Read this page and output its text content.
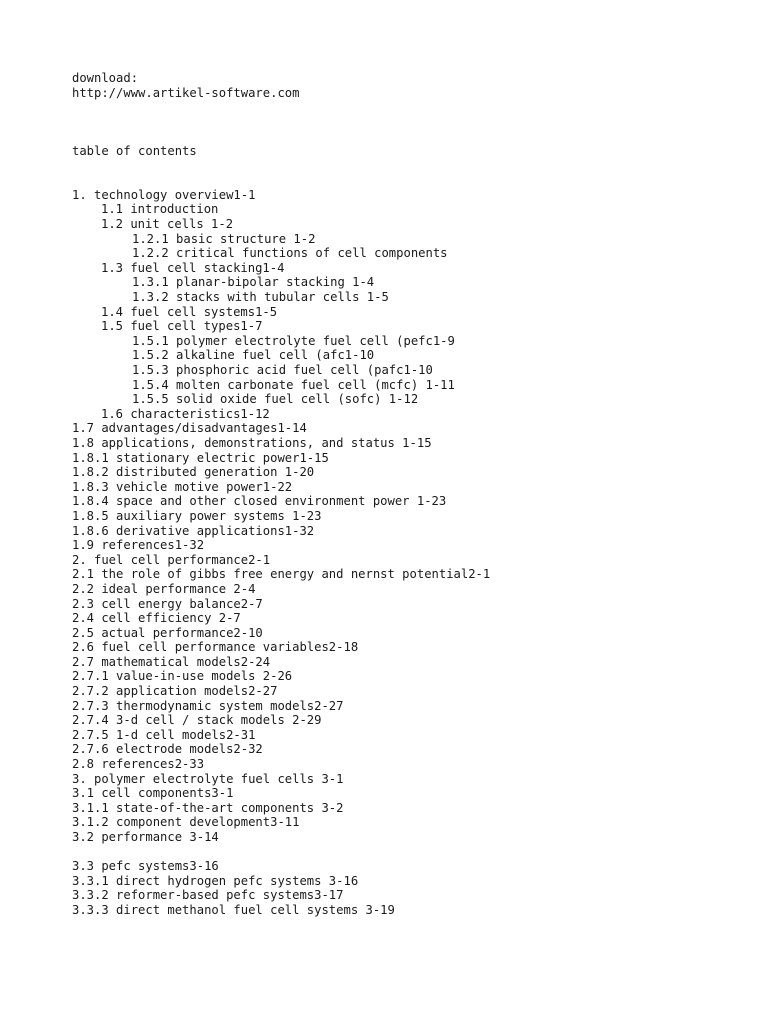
download:
http://www.artikel-software.com
table of contents
1. technology overview1-1
1.1 introduction
1.2 unit cells 1-2
1.2.1 basic structure 1-2
1.2.2 critical functions of cell components
1.3 fuel cell stacking1-4
1.3.1 planar-bipolar stacking 1-4
1.3.2 stacks with tubular cells 1-5
1.4 fuel cell systems1-5
1.5 fuel cell types1-7
1.5.1 polymer electrolyte fuel cell (pefc1-9
1.5.2 alkaline fuel cell (afc1-10
1.5.3 phosphoric acid fuel cell (pafc1-10
1.5.4 molten carbonate fuel cell (mcfc) 1-11
1.5.5 solid oxide fuel cell (sofc) 1-12
1.6 characteristics1-12
1.7 advantages/disadvantages1-14
1.8 applications, demonstrations, and status 1-15
1.8.1 stationary electric power1-15
1.8.2 distributed generation 1-20
1.8.3 vehicle motive power1-22
1.8.4 space and other closed environment power 1-23
1.8.5 auxiliary power systems 1-23
1.8.6 derivative applications1-32
1.9 references1-32
2. fuel cell performance2-1
2.1 the role of gibbs free energy and nernst potential2-1
2.2 ideal performance 2-4
2.3 cell energy balance2-7
2.4 cell efficiency 2-7
2.5 actual performance2-10
2.6 fuel cell performance variables2-18
2.7 mathematical models2-24
2.7.1 value-in-use models 2-26
2.7.2 application models2-27
2.7.3 thermodynamic system models2-27
2.7.4 3-d cell / stack models 2-29
2.7.5 1-d cell models2-31
2.7.6 electrode models2-32
2.8 references2-33
3. polymer electrolyte fuel cells 3-1
3.1 cell components3-1
3.1.1 state-of-the-art components 3-2
3.1.2 component development3-11
3.2 performance 3-14
3.3 pefc systems3-16
3.3.1 direct hydrogen pefc systems 3-16
3.3.2 reformer-based pefc systems3-17
3.3.3 direct methanol fuel cell systems 3-19
